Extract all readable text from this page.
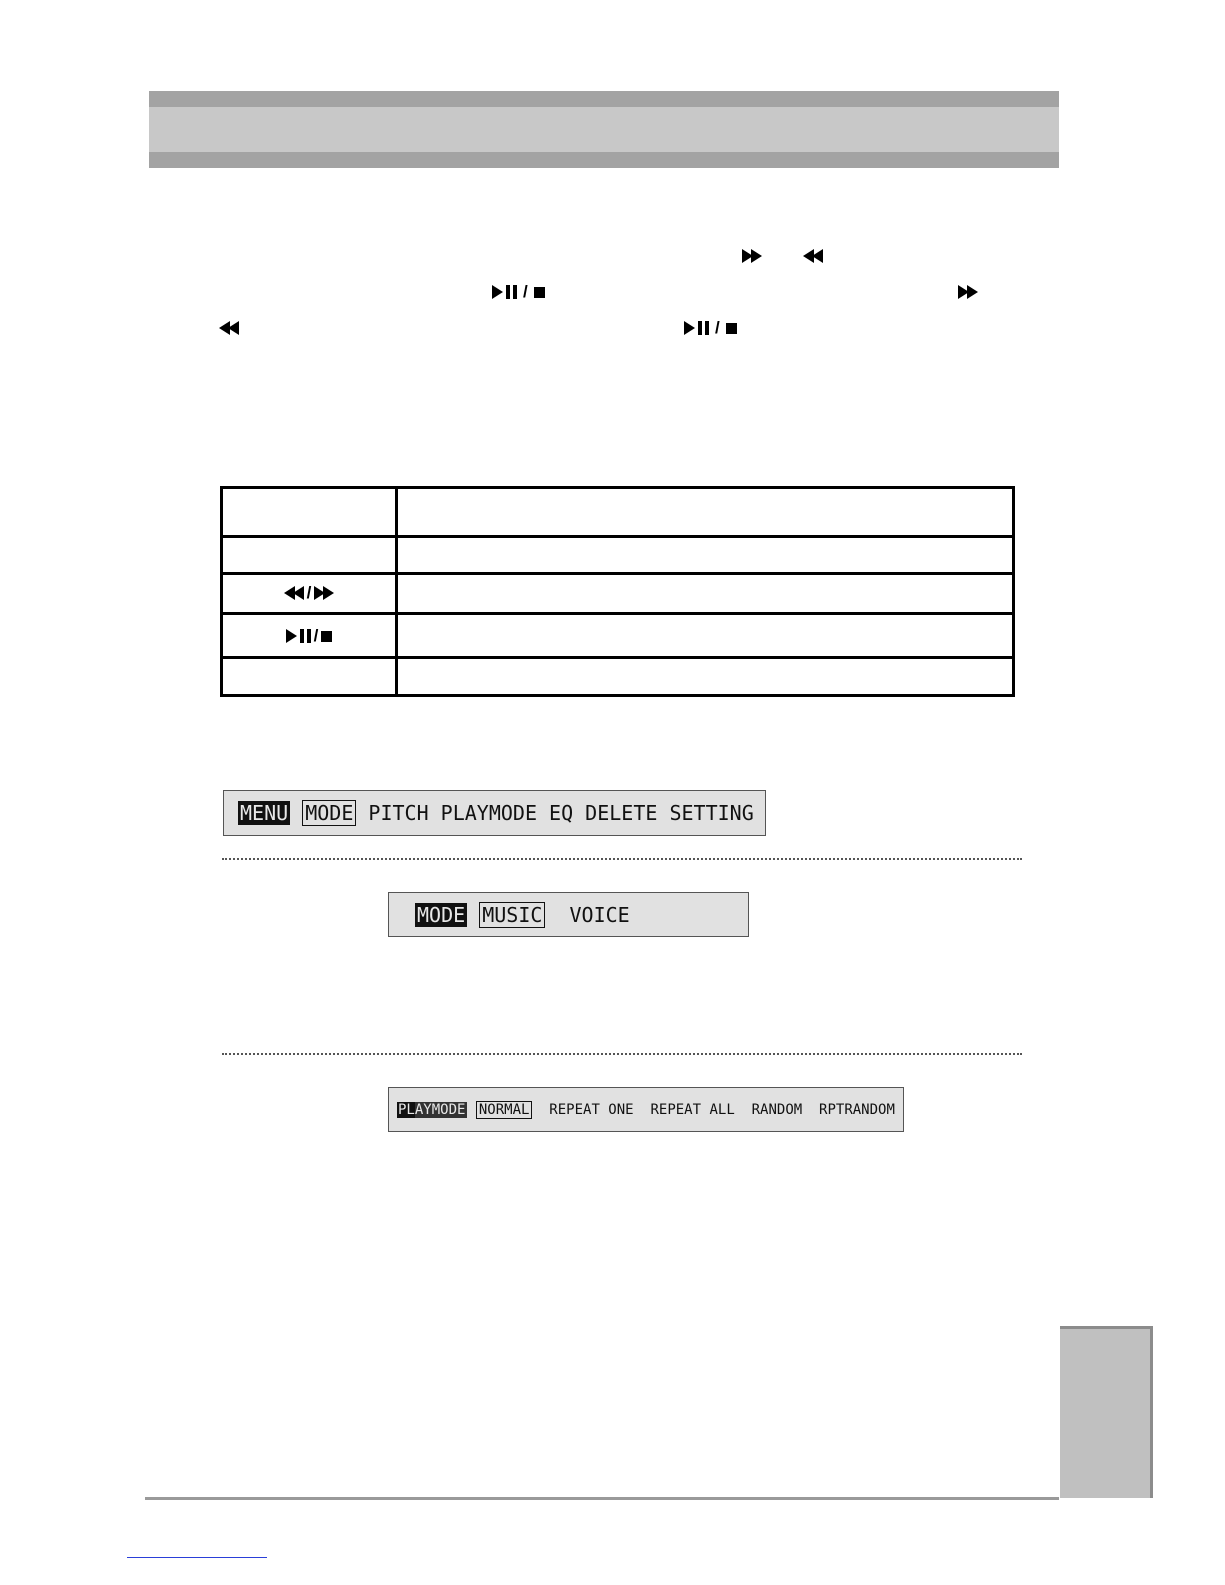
/
/
/
/
MENU
MODE PITCH PLAYMODE EQ DELETE SETTING
MODE
MUSIC VOICE
PL AYMODE
NORMAL REPEAT ONE  REPEAT ALL  RANDOM  RPTRANDOM
